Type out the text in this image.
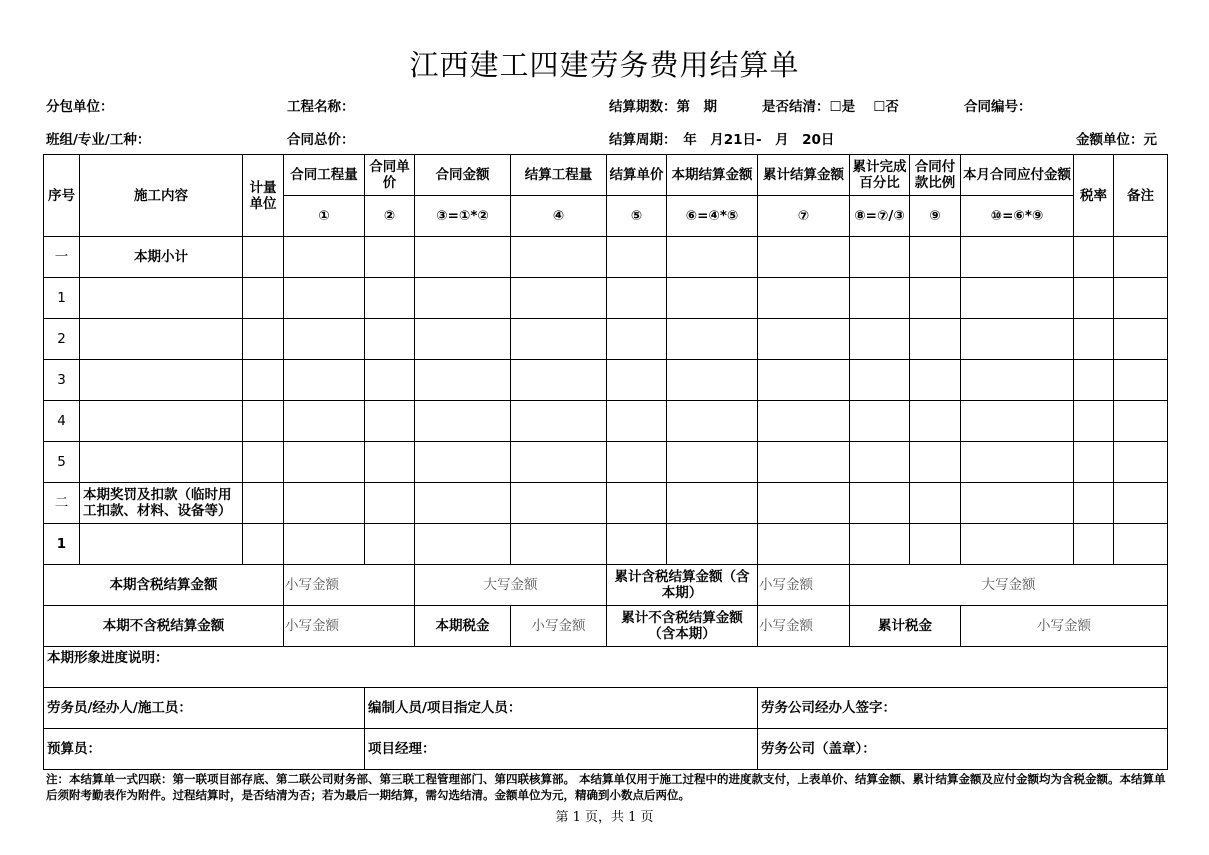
江西建工四建劳务费用结算单
分包单位：	工程名称：	结算期数：第　期	是否结清：☐是　 ☐否	合同编号：
班组/专业/工种：	合同总价：	结算周期：　年　月21日-　月　20日	金额单位：元
序号	施工内容	计量单位	合同工程量	合同单价	合同金额	结算工程量	结算单价	本期结算金额	累计结算金额	累计完成百分比	合同付款比例	本月合同应付金额	税率	备注
			①	②	③=①*②	④	⑤	⑥=④*⑤	⑦	⑧=⑦/③	⑨	⑩=⑥*⑨		
一	本期小计													
1														
2														
3														
4														
5														
二	本期奖罚及扣款（临时用工扣款、材料、设备等）													
1														
本期含税结算金额			小写金额		大写金额		累计含税结算金额（含本期）		小写金额	大写金额				
本期不含税结算金额			小写金额		本期税金	小写金额	累计不含税结算金额（含本期）		小写金额	累计税金		小写金额		
本期形象进度说明：														
劳务员/经办人/施工员：				编制人员/项目指定人员：					劳务公司经办人签字：					
预算员：				项目经理：					劳务公司（盖章）：					
注：本结算单一式四联：第一联项目部存底、第二联公司财务部、第三联工程管理部门、第四联核算部。 本结算单仅用于施工过程中的进度款支付，上表单价、结算金额、累计结算金额及应付金额均为含税金额。本结算单后须附考勤表作为附件。过程结算时，是否结清为否；若为最后一期结算，需勾选结清。金额单位为元，精确到小数点后两位。
第 1 页，共 1 页
